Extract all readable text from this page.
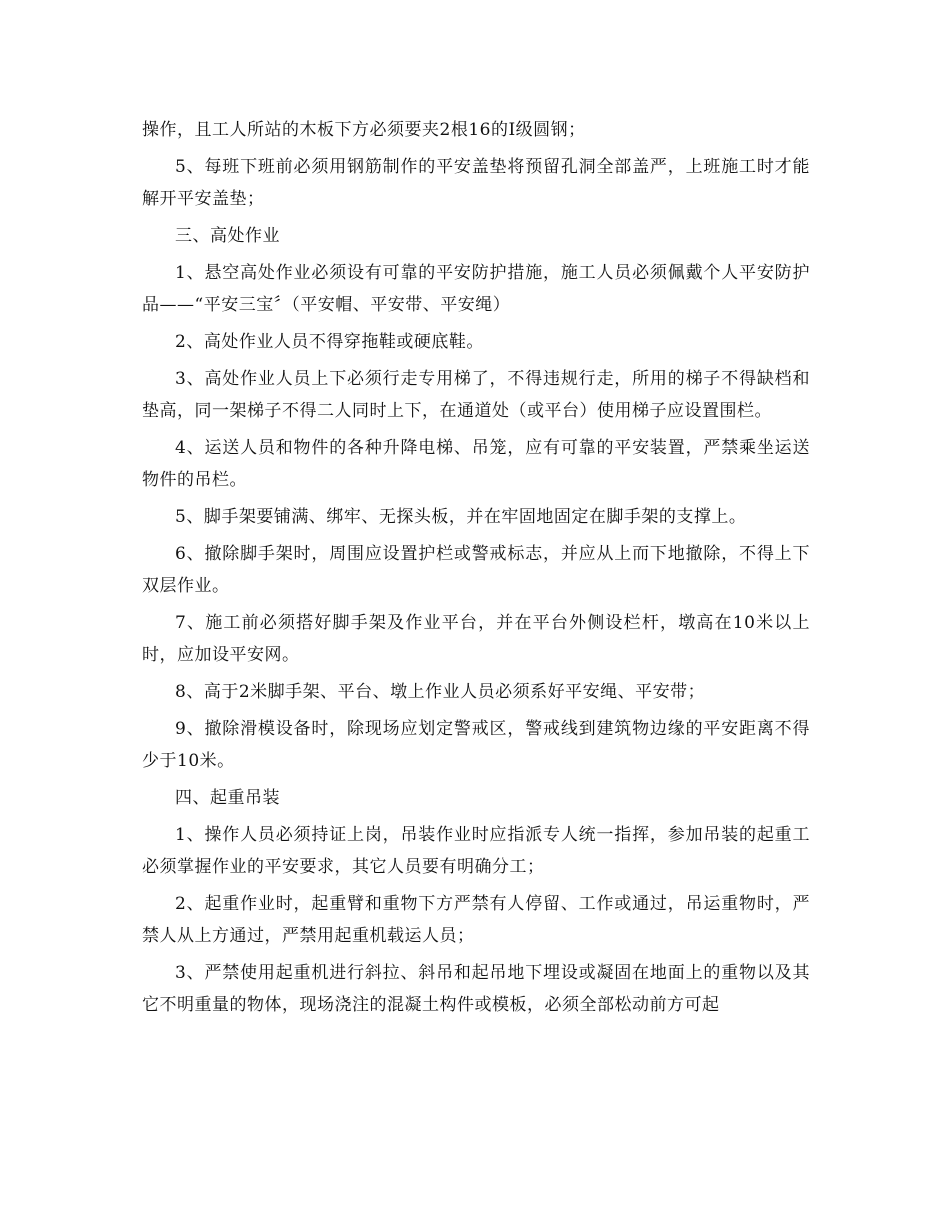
操作，且工人所站的木板下方必须要夹2根16的Ⅰ级圆钢；

5、每班下班前必须用钢筋制作的平安盖垫将预留孔洞全部盖严，上班施工时才能解开平安盖垫；

三、高处作业

1、悬空高处作业必须设有可靠的平安防护措施，施工人员必须佩戴个人平安防护品——“平安三宝〞（平安帽、平安带、平安绳）

2、高处作业人员不得穿拖鞋或硬底鞋。

3、高处作业人员上下必须行走专用梯了，不得违规行走，所用的梯子不得缺档和垫高，同一架梯子不得二人同时上下，在通道处（或平台）使用梯子应设置围栏。

4、运送人员和物件的各种升降电梯、吊笼，应有可靠的平安装置，严禁乘坐运送物件的吊栏。

5、脚手架要铺满、绑牢、无探头板，并在牢固地固定在脚手架的支撑上。

6、撤除脚手架时，周围应设置护栏或警戒标志，并应从上而下地撤除，不得上下双层作业。

7、施工前必须搭好脚手架及作业平台，并在平台外侧设栏杆，墩高在10米以上时，应加设平安网。

8、高于2米脚手架、平台、墩上作业人员必须系好平安绳、平安带；

9、撤除滑模设备时，除现场应划定警戒区，警戒线到建筑物边缘的平安距离不得少于10米。

四、起重吊装

1、操作人员必须持证上岗，吊装作业时应指派专人统一指挥，参加吊装的起重工必须掌握作业的平安要求，其它人员要有明确分工；

2、起重作业时，起重臂和重物下方严禁有人停留、工作或通过，吊运重物时，严禁人从上方通过，严禁用起重机载运人员；

3、严禁使用起重机进行斜拉、斜吊和起吊地下埋设或凝固在地面上的重物以及其它不明重量的物体，现场浇注的混凝土构件或模板，必须全部松动前方可起
